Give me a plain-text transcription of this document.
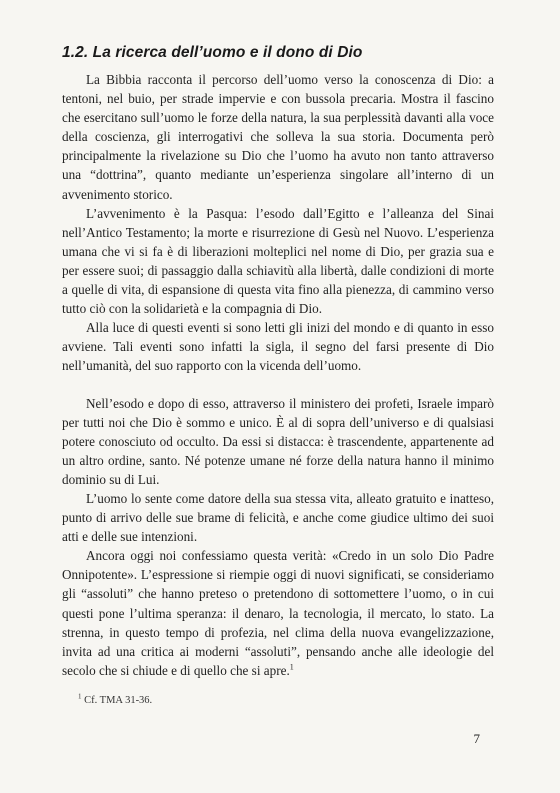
1.2. La ricerca dell’uomo e il dono di Dio

La Bibbia racconta il percorso dell’uomo verso la conoscenza di Dio: a tentoni, nel buio, per strade impervie e con bussola precaria. Mostra il fascino che esercitano sull’uomo le forze della natura, la sua perplessità davanti alla voce della coscienza, gli interrogativi che solleva la sua storia. Documenta però principalmente la rivelazione su Dio che l’uomo ha avuto non tanto attraverso una “dottrina”, quanto mediante un’esperienza singolare all’interno di un avvenimento storico.

L’avvenimento è la Pasqua: l’esodo dall’Egitto e l’alleanza del Sinai nell’Antico Testamento; la morte e risurrezione di Gesù nel Nuovo. L’esperienza umana che vi si fa è di liberazioni molteplici nel nome di Dio, per grazia sua e per essere suoi; di passaggio dalla schiavitù alla libertà, dalle condizioni di morte a quelle di vita, di espansione di questa vita fino alla pienezza, di cammino verso tutto ciò con la solidarietà e la compagnia di Dio.

Alla luce di questi eventi si sono letti gli inizi del mondo e di quanto in esso avviene. Tali eventi sono infatti la sigla, il segno del farsi presente di Dio nell’umanità, del suo rapporto con la vicenda dell’uomo.

Nell’esodo e dopo di esso, attraverso il ministero dei profeti, Israele imparò per tutti noi che Dio è sommo e unico. È al di sopra dell’universo e di qualsiasi potere conosciuto od occulto. Da essi si distacca: è trascendente, appartenente ad un altro ordine, santo. Né potenze umane né forze della natura hanno il minimo dominio su di Lui.

L’uomo lo sente come datore della sua stessa vita, alleato gratuito e inatteso, punto di arrivo delle sue brame di felicità, e anche come giudice ultimo dei suoi atti e delle sue intenzioni.

Ancora oggi noi confessiamo questa verità: «Credo in un solo Dio Padre Onnipotente». L’espressione si riempie oggi di nuovi significati, se consideriamo gli “assoluti” che hanno preteso o pretendono di sottomettere l’uomo, o in cui questi pone l’ultima speranza: il denaro, la tecnologia, il mercato, lo stato. La strenna, in questo tempo di profezia, nel clima della nuova evangelizzazione, invita ad una critica ai moderni “assoluti”, pensando anche alle ideologie del secolo che si chiude e di quello che si apre.$^1$

$^1$ Cf. TMA 31-36.
7
